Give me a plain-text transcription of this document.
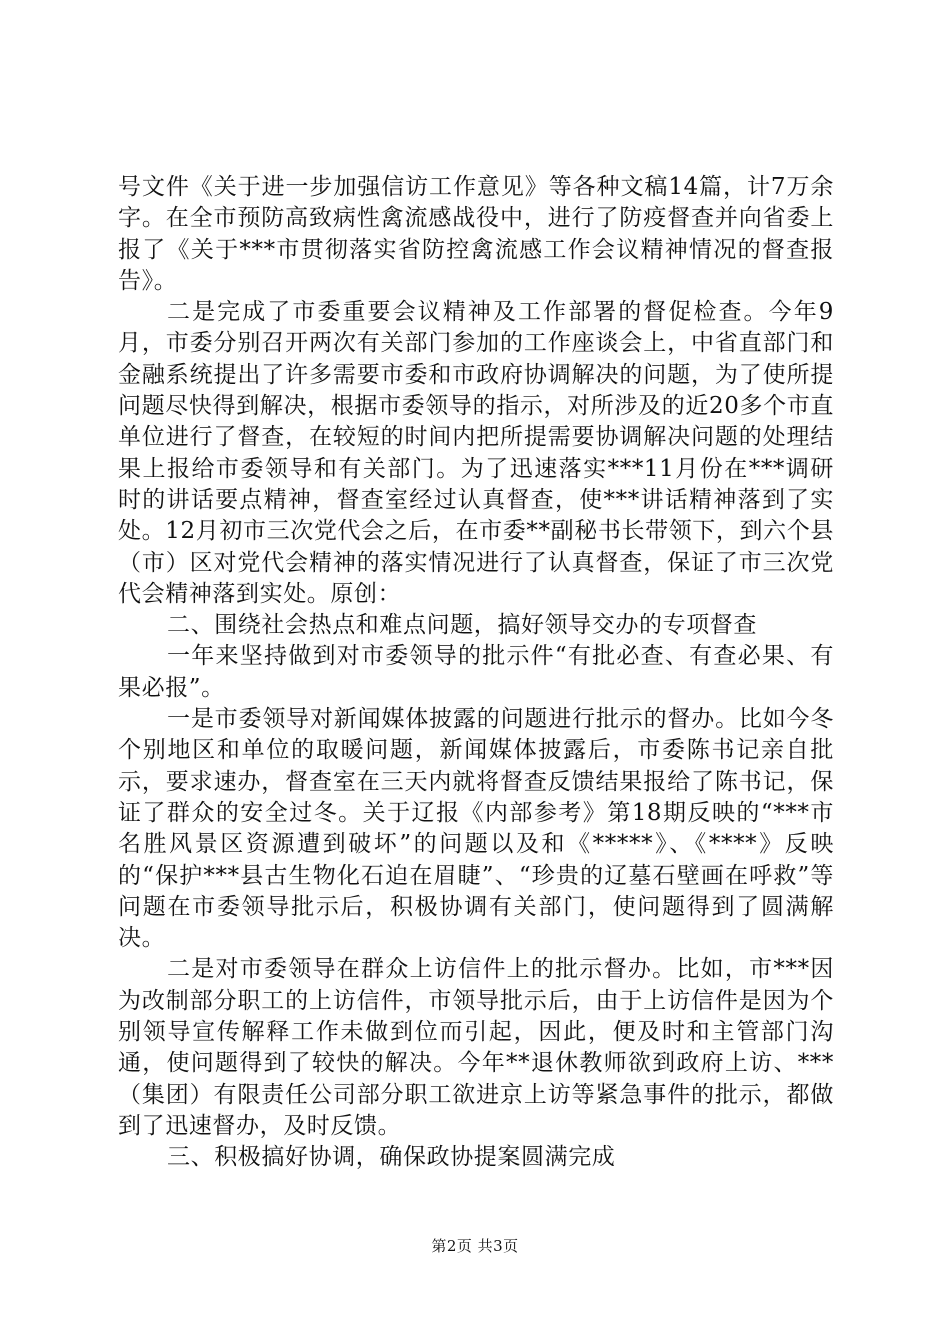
号文件《关于进一步加强信访工作意见》等各种文稿14篇，计7万余字。在全市预防高致病性禽流感战役中，进行了防疫督查并向省委上报了《关于***市贯彻落实省防控禽流感工作会议精神情况的督查报告》。

二是完成了市委重要会议精神及工作部署的督促检查。今年9月，市委分别召开两次有关部门参加的工作座谈会上，中省直部门和金融系统提出了许多需要市委和市政府协调解决的问题，为了使所提问题尽快得到解决，根据市委领导的指示，对所涉及的近20多个市直单位进行了督查，在较短的时间内把所提需要协调解决问题的处理结果上报给市委领导和有关部门。为了迅速落实***11月份在***调研时的讲话要点精神，督查室经过认真督查，使***讲话精神落到了实处。12月初市三次党代会之后，在市委**副秘书长带领下，到六个县（市）区对党代会精神的落实情况进行了认真督查，保证了市三次党代会精神落到实处。原创：

二、围绕社会热点和难点问题，搞好领导交办的专项督查

一年来坚持做到对市委领导的批示件“有批必查、有查必果、有果必报”。

一是市委领导对新闻媒体披露的问题进行批示的督办。比如今冬个别地区和单位的取暖问题，新闻媒体披露后，市委陈书记亲自批示，要求速办，督查室在三天内就将督查反馈结果报给了陈书记，保证了群众的安全过冬。关于辽报《内部参考》第18期反映的“***市名胜风景区资源遭到破坏”的问题以及和《*****》、《****》反映的“保护***县古生物化石迫在眉睫”、“珍贵的辽墓石壁画在呼救”等问题在市委领导批示后，积极协调有关部门，使问题得到了圆满解决。

二是对市委领导在群众上访信件上的批示督办。比如，市***因为改制部分职工的上访信件，市领导批示后，由于上访信件是因为个别领导宣传解释工作未做到位而引起，因此，便及时和主管部门沟通，使问题得到了较快的解决。今年**退休教师欲到政府上访、***（集团）有限责任公司部分职工欲进京上访等紧急事件的批示，都做到了迅速督办，及时反馈。

三、积极搞好协调，确保政协提案圆满完成

第2页 共3页
